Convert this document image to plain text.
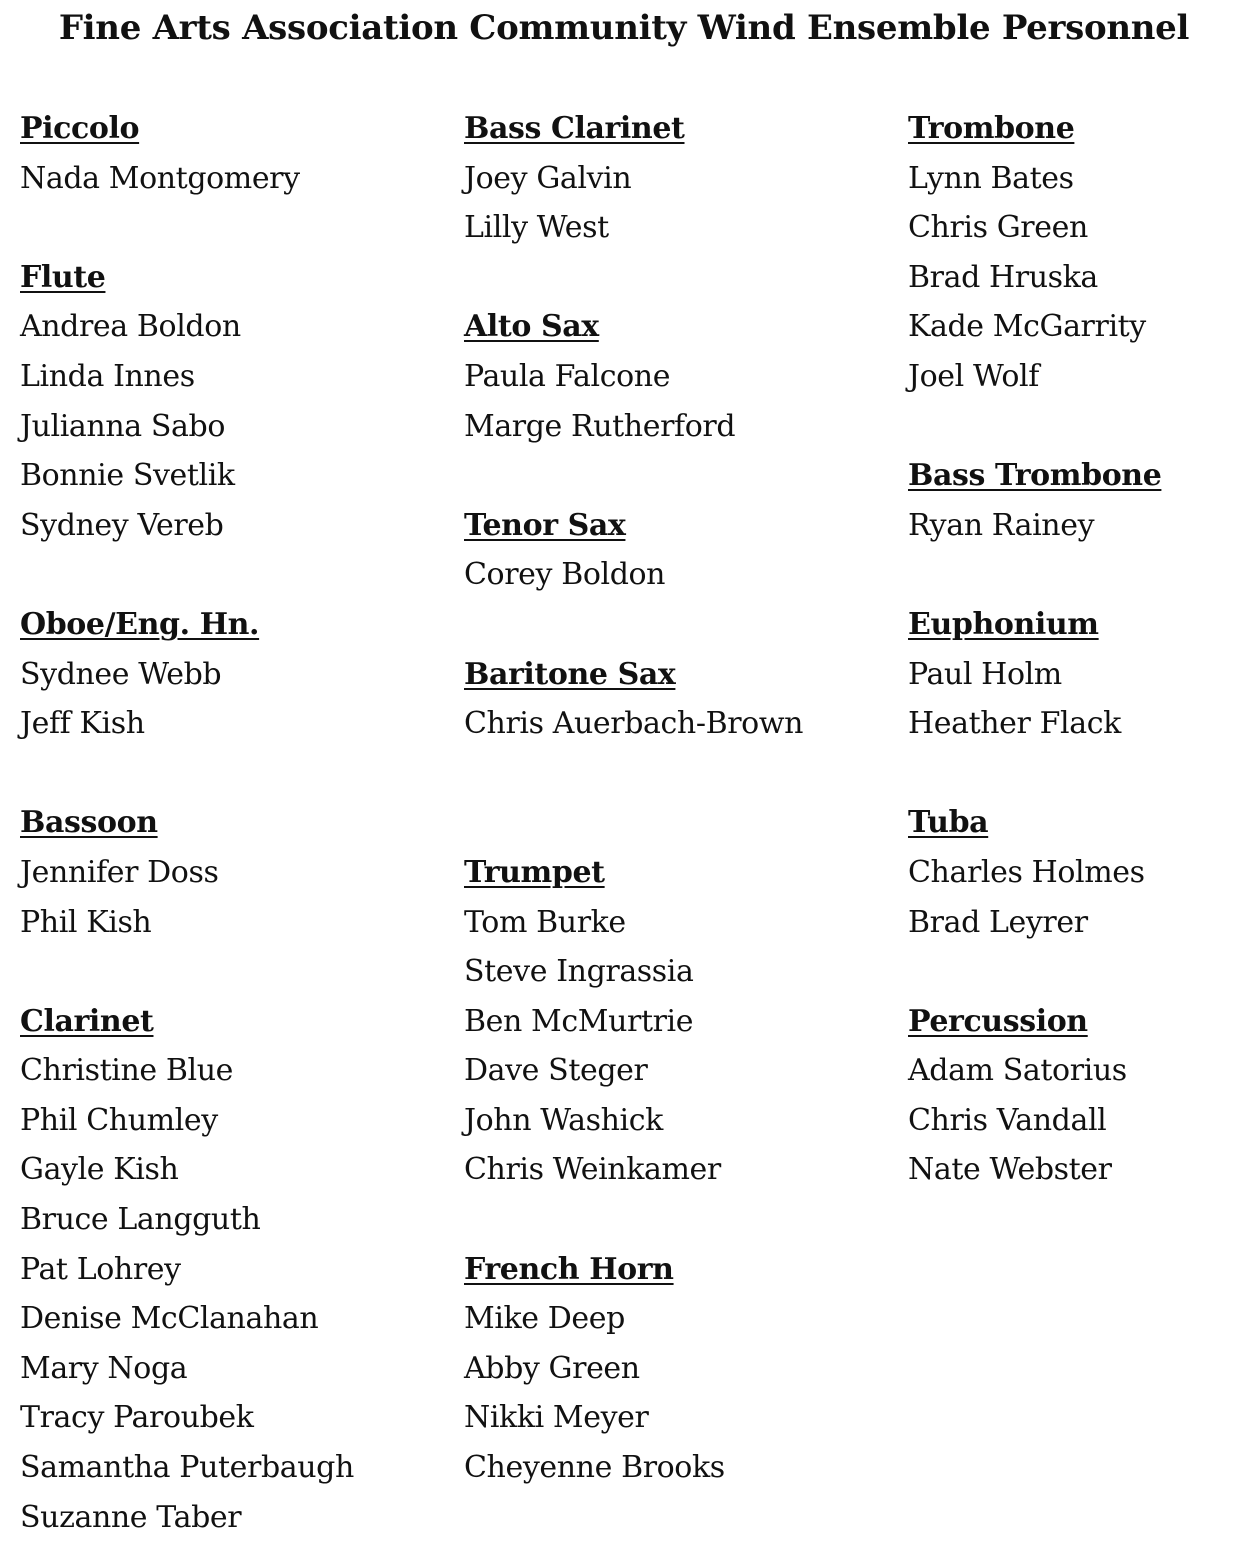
Fine Arts Association Community Wind Ensemble Personnel
Piccolo
Nada Montgomery
Flute
Andrea Boldon
Linda Innes
Julianna Sabo
Bonnie Svetlik
Sydney Vereb
Oboe/Eng. Hn.
Sydnee Webb
Jeff Kish
Bassoon
Jennifer Doss
Phil Kish
Clarinet
Christine Blue
Phil Chumley
Gayle Kish
Bruce Langguth
Pat Lohrey
Denise McClanahan
Mary Noga
Tracy Paroubek
Samantha Puterbaugh
Suzanne Taber
Bass Clarinet
Joey Galvin
Lilly West
Alto Sax
Paula Falcone
Marge Rutherford
Tenor Sax
Corey Boldon
Baritone Sax
Chris Auerbach-Brown
Trumpet
Tom Burke
Steve Ingrassia
Ben McMurtrie
Dave Steger
John Washick
Chris Weinkamer
French Horn
Mike Deep
Abby Green
Nikki Meyer
Cheyenne Brooks
Trombone
Lynn Bates
Chris Green
Brad Hruska
Kade McGarrity
Joel Wolf
Bass Trombone
Ryan Rainey
Euphonium
Paul Holm
Heather Flack
Tuba
Charles Holmes
Brad Leyrer
Percussion
Adam Satorius
Chris Vandall
Nate Webster
